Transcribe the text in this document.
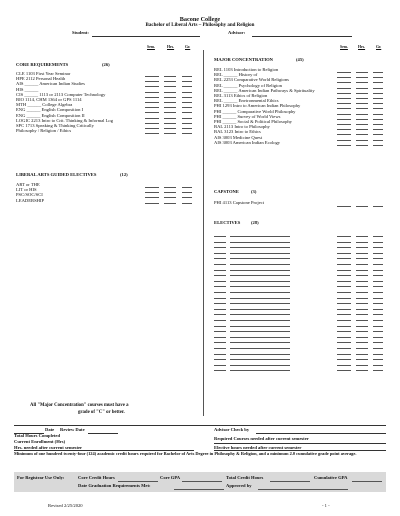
Bacone College
Bachelor of Liberal Arts – Philosophy and Religion
Student:	Advisor:
Sem.	Hrs.	Gr.	Sem.	Hrs.	Gr.
CORE REQUIREMENTS	(26)
CLE 1103 First Year Seminar
HPE 2112 Personal Health
AIS ______ American Indian Studies
HIS ______
CIS ______ 1113 or 2113 Computer Technology
BIO 1114, CHM 1364 or GPS 1114
MTH ______ College Algebra
ENG ______ English Composition I
ENG ______ English Composition II
LOGIC 2213 Intro to Crit. Thinking & Informal Log
SPC 1713 Speaking & Thinking Critically
Philosophy / Religion / Ethics
LIBERAL ARTS GUIDED ELECTIVES	(12)
ART or THE
LIT or HIS
PSC/SOC/SCI
LEADERSHIP
MAJOR CONCENTRATION	(45)
REL 1103 Introduction to Religion
REL ______ History of
REL 2253 Comparative World Religions
REL ______ Psychology of Religion
REL ______ American Indian Pathways & Spirituality
REL 3113 Ethics of Religion
REL ______ Environmental Ethics
PHI 1293 Intro to American Indian Philosophy
PHI ______ Comparative World Philosophy
PHI ______ Survey of World Views
PHI ______ Social & Political Philosophy
BAL 2113 Intro to Philosophy
BAL 3123 Intro to Ethics
AIS 3003 Medicine Quest
AIS 3003 American Indian Ecology
CAPSTONE	(3)
PHI 4113 Capstone Project
ELECTIVES (28)
All "Major Concentration" courses must have a
grade of "C" or better.
Date Review Date
Total Hours Completed
Current Enrollment (Hrs)
Hrs. needed after current semester
Advisor Check by
Required Courses needed after current semester
Elective hours needed after current semester
Minimum of one hundred twenty-four (124) academic credit hours required for Bachelor of Arts Degree in Philosophy & Religion, and a minimum 2.0 cumulative grade point average.
For Registrar Use Only:	Core Credit Hours	Core GPA	Total Credit Hours	Cumulative GPA
Date Graduation Requirements Met:	Approved by
Revised 2/25/2020	- 1 -
